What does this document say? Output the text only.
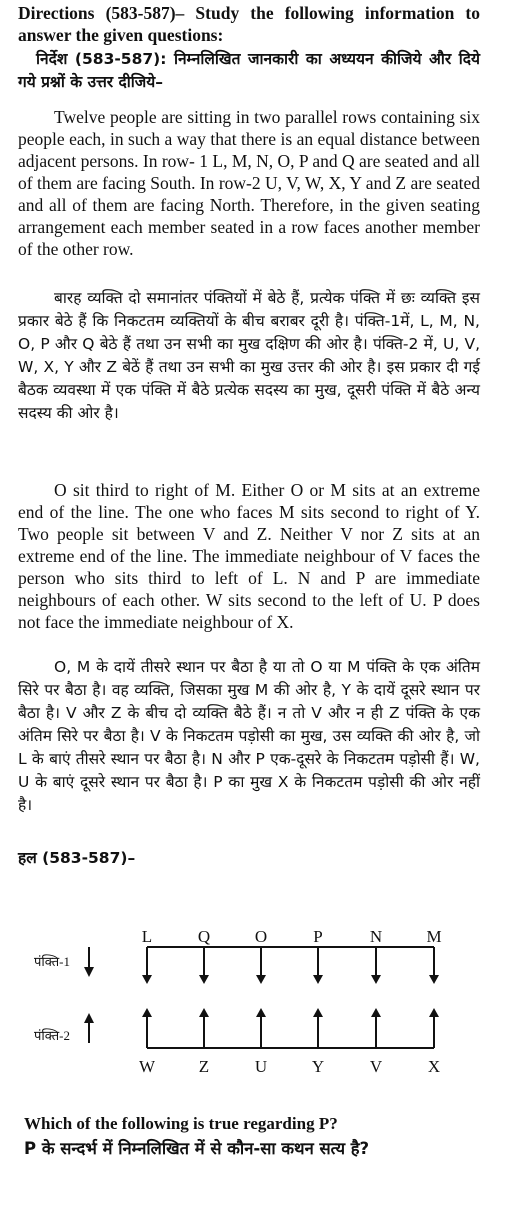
Directions (583-587)– Study the following information to answer the given questions:
निर्देश (583-587): निम्नलिखित जानकारी का अध्ययन कीजिये और दिये गये प्रश्नों के उत्तर दीजिये–
Twelve people are sitting in two parallel rows containing six people each, in such a way that there is an equal distance between adjacent persons. In row- 1 L, M, N, O, P and Q are seated and all of them are facing South. In row-2 U, V, W, X, Y and Z are seated and all of them are facing North. Therefore, in the given seating arrangement each member seated in a row faces another member of the other row.
बारह व्यक्ति दो समानांतर पंक्तियों में बेठे हैं, प्रत्येक पंक्ति में छः व्यक्ति इस प्रकार बेठे हैं कि निकटतम व्यक्तियों के बीच बराबर दूरी है। पंक्ति-1में, L, M, N, O, P और Q बेठे हैं तथा उन सभी का मुख दक्षिण की ओर है। पंक्ति-2 में, U, V, W, X, Y और Z बेठें हैं तथा उन सभी का मुख उत्तर की ओर है। इस प्रकार दी गई बैठक व्यवस्था में एक पंक्ति में बैठे प्रत्येक सदस्य का मुख, दूसरी पंक्ति में बैठे अन्य सदस्य की ओर है।
O sit third to right of M. Either O or M sits at an extreme end of the line. The one who faces M sits second to right of Y. Two people sit between V and Z. Neither V nor Z sits at an extreme end of the line. The immediate neighbour of V faces the person who sits third to left of L. N and P are immediate neighbours of each other. W sits second to the left of U. P does not face the immediate neighbour of X.
O, M के दायें तीसरे स्थान पर बैठा है या तो O या M पंक्ति के एक अंतिम सिरे पर बैठा है। वह व्यक्ति, जिसका मुख M की ओर है, Y के दायें दूसरे स्थान पर बैठा है। V और Z के बीच दो व्यक्ति बैठे हैं। न तो V और न ही Z पंक्ति के एक अंतिम सिरे पर बैठा है। V के निकटतम पड़ोसी का मुख, उस व्यक्ति की ओर है, जो L के बाएं तीसरे स्थान पर बैठा है। N और P एक-दूसरे के निकटतम पड़ोसी हैं। W, U के बाएं दूसरे स्थान पर बैठा है। P का मुख X के निकटतम पड़ोसी की ओर नहीं है।
हल (583-587)–
पंक्ति-1
पंक्ति-2
L	Q	O	P	N	M
W	Z	U	Y	V	X
Which of the following is true regarding P?
P के सन्दर्भ में निम्नलिखित में से कौन-सा कथन सत्य है?
